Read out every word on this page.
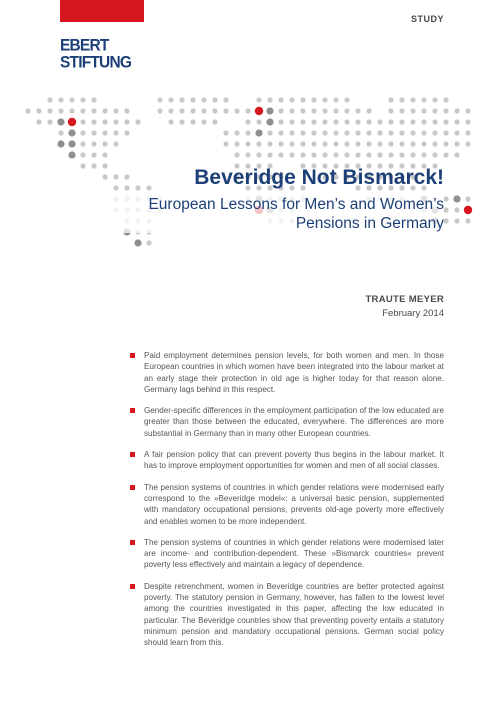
FRIEDRICH
EBERT
STIFTUNG
STUDY
Beveridge Not Bismarck!
European Lessons for Men’s and Women’s Pensions in Germany
TRAUTE MEYER
February 2014
Paid employment determines pension levels, for both women and men. In those European countries in which women have been integrated into the labour market at an early stage their protection in old age is higher today for that reason alone. Germany lags behind in this respect.
Gender-specific differences in the employment participation of the low educated are greater than those between the educated, everywhere. The differences are more substantial in Germany than in many other European countries.
A fair pension policy that can prevent poverty thus begins in the labour market. It has to improve employment opportunities for women and men of all social classes.
The pension systems of countries in which gender relations were modernised early correspond to the »Beveridge model«: a universal basic pension, supplemented with mandatory occupational pensions, prevents old-age poverty more effectively and enables women to be more independent.
The pension systems of countries in which gender relations were modernised later are income- and contribution-dependent. These »Bismarck countries« prevent poverty less effectively and maintain a legacy of dependence.
Despite retrenchment, women in Beveridge countries are better protected against poverty. The statutory pension in Germany, however, has fallen to the lowest level among the countries investigated in this paper, affecting the low educated in particular. The Beveridge countries show that preventing poverty entails a statutory minimum pension and mandatory occupational pensions. German social policy should learn from this.
